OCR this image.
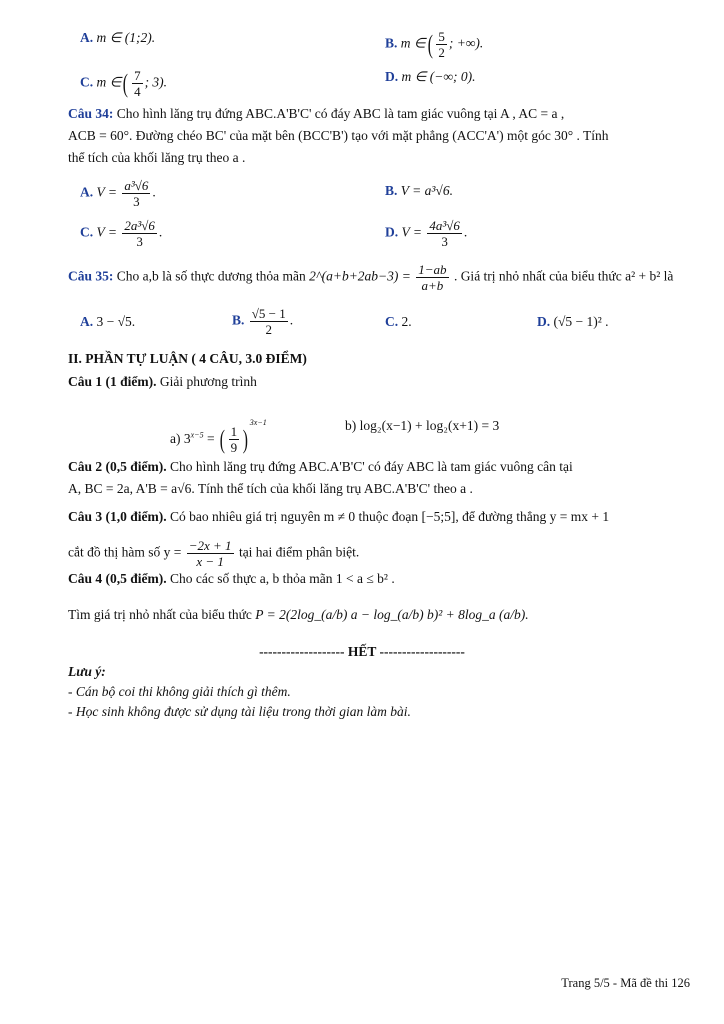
A. m ∈ (1;2).	B. m ∈( $\frac{5}{2}$ ; +∞).
C. m ∈( $\frac{7}{4}$ ; 3).	D. m ∈ (−∞; 0).
Câu 34: Cho hình lăng trụ đứng ABC.A'B'C' có đáy ABC là tam giác vuông tại A , AC = a ,
ACB = 60°. Đường chéo BC' của mặt bên (BCC'B') tạo với mặt phẳng (ACC'A') một góc 30° . Tính
thể tích của khối lăng trụ theo a .
A. $V = \frac{\text{a³√6}}{3}$ .	B. V = a³√6.
C. $V = \frac{\text{2a³√6}}{3}$ .	D. $V = \frac{\text{4a³√6}}{3}$ .
Câu 35: Cho a,b là số thực dương thỏa mãn 2^(a+b+2ab−3) = $\frac{1-ab}{a+b}$ . Giá trị nhỏ nhất của biểu thức a² + b² là
A. 3 − √5.	B. $\frac{√5 - 1}{2}$ .	C. 2.	D. (√5 − 1)² .
II. PHẦN TỰ LUẬN ( 4 CÂU, 3.0 ĐIỂM)
Câu 1 (1 điểm). Giải phương trình
a) $3^{x-5}$ = ( $\frac{1}{9} )^{3x-1}$	b) log₂(x−1) + log₂(x+1) = 3
Câu 2 (0,5 điểm). Cho hình lăng trụ đứng ABC.A'B'C' có đáy ABC là tam giác vuông cân tại
A, BC = 2a, A'B = a√6. Tính thể tích của khối lăng trụ ABC.A'B'C' theo a .
Câu 3 (1,0 điểm). Có bao nhiêu giá trị nguyên m ≠ 0 thuộc đoạn [−5;5], để đường thẳng y = mx + 1
cắt đồ thị hàm số $y = \frac{-2x + 1}{x - 1}$ tại hai điểm phân biệt.
Câu 4 (0,5 điểm). Cho các số thực a, b thỏa mãn 1 < a ≤ b² .
Tìm giá trị nhỏ nhất của biểu thức P = 2(2log_(a/b) a − log_(a/b) b)² + 8log_a (a/b).
------------------- HẾT -------------------
Lưu ý:
- Cán bộ coi thi không giải thích gì thêm.
- Học sinh không được sử dụng tài liệu trong thời gian làm bài.
Trang 5/5 - Mã đề thi 126
